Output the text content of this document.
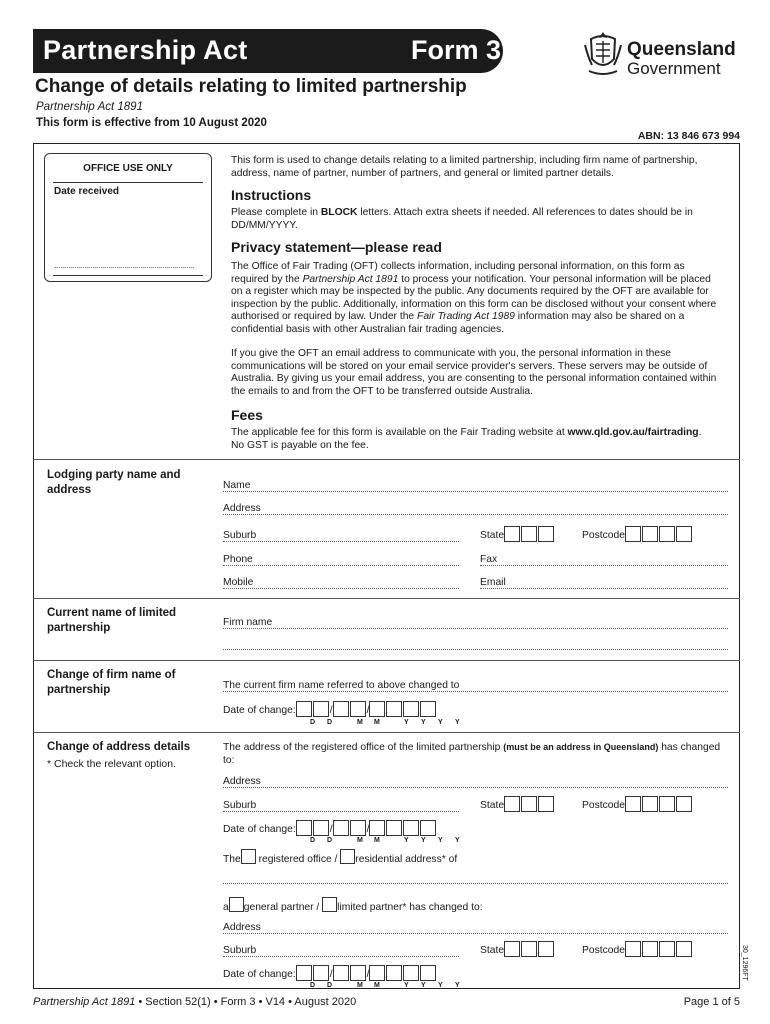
Partnership Act	Form 3	Queensland
Government
Change of details relating to limited partnership
Partnership Act 1891
This form is effective from 10 August 2020
ABN: 13 846 673 994
OFFICE USE ONLY
Date received
......................................................................
This form is used to change details relating to a limited partnership, including firm name of partnership, address, name of partner, number of partners, and general or limited partner details.
Instructions
Please complete in BLOCK letters. Attach extra sheets if needed. All references to dates should be in DD/MM/YYYY.
Privacy statement—please read
The Office of Fair Trading (OFT) collects information, including personal information, on this form as required by the Partnership Act 1891 to process your notification. Your personal information will be placed on a register which may be inspected by the public. Any documents required by the OFT are available for inspection by the public. Additionally, information on this form can be disclosed without your consent where authorised or required by law. Under the Fair Trading Act 1989 information may also be shared on a confidential basis with other Australian fair trading agencies.
If you give the OFT an email address to communicate with you, the personal information in these communications will be stored on your email service provider's servers. These servers may be outside of Australia. By giving us your email address, you are consenting to the personal information contained within the emails to and from the OFT to be transferred outside Australia.
Fees
The applicable fee for this form is available on the Fair Trading website at www.qld.gov.au/fairtrading. No GST is payable on the fee.
Lodging party name and address	Name
Address
Suburb	State	Postcode
Phone	Fax
Mobile	Email
Current name of limited partnership	Firm name
Change of firm name of partnership	The current firm name referred to above changed to
Date of change:	/	/
D D	M M	Y Y Y Y
Change of address details
* Check the relevant option.
The address of the registered office of the limited partnership (must be an address in Queensland) has changed to:
Address
Suburb	State	Postcode
Date of change:	/	/
D D	M M	Y Y Y Y
The registered office / residential address* of
a general partner / limited partner* has changed to:
Address
Suburb	State	Postcode
Date of change:	/	/
D D	M M	Y Y Y Y
Partnership Act 1891 • Section 52(1) • Form 3 • V14 • August 2020	Page 1 of 5
30_1296FT
